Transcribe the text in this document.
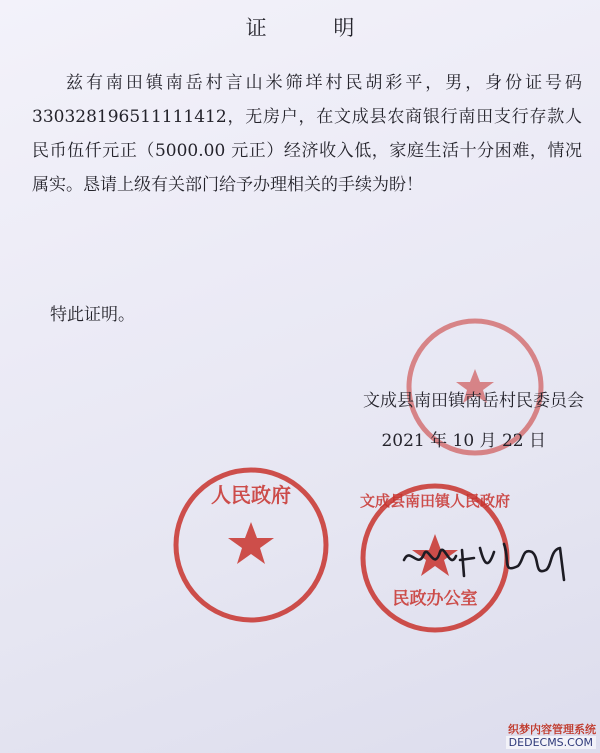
证 明

兹有南田镇南岳村言山米筛垟村民胡彩平，男，身份证号码 330328196511111412，无房户，在文成县农商银行南田支行存款人民币伍仟元正（5000.00 元正）经济收入低，家庭生活十分困难，情况属实。恳请上级有关部门给予办理相关的手续为盼！

特此证明。
文成县南田镇南岳村民委员会
2021 年 10 月 22 日
人民政府	文成县南田镇人民政府
民政办公室
织梦内容管理系统
DEDECMS.COM
